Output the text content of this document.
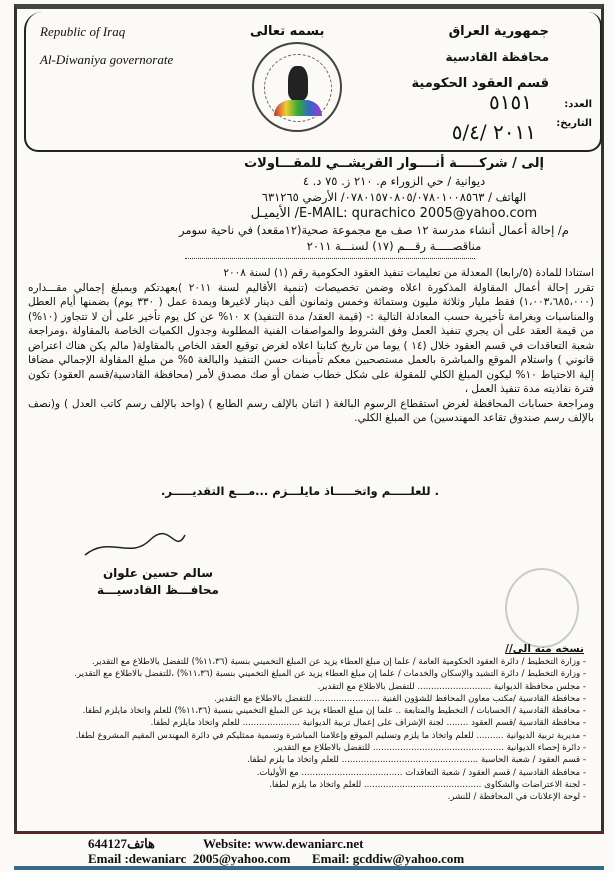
Republic of Iraq
Al-Diwaniya governorate
بسمه تعالى	جمهورية العراق
محافظة القادسية
قسم العقود الحكومية
العدد:
٥١٥١
التاريخ:
٢٠١١ /٥/٤
إلى / شركـــــة أنــــوار القريشــي للمقـــاولات
ديوانية / حي الزوراء م. ٢١٠ ز. ٧٥ د. ٤
الهاتف / ٠٧٨٠١٥٧٠٨٠٥/٠٧٨٠١٠٠٨٥٦٣/ الأرضي ٦٣١٢٦٥
E-MAIL: qurachico 2005@yahoo.com/ الأيميـل
م/ إحالة أعمال أنشاء مدرسة ١٢ صف مع مجموعة صحية(١٢مقعد) في ناحية سومر
مناقصـــــة رقـــم (١٧) لسنـــة ٢٠١١

استنادا للمادة (٥/رابعا) المعدلة من تعليمات تنفيذ العقود الحكومية رقم (١) لسنة ٢٠٠٨

تقرر إحالة أعمال المقاولة المذكورة اعلاه وضمن تخصيصات (تنمية الأقاليم لسنة ٢٠١١ )بعهدتكم وبمبلغ إجمالي مقـــداره (١،٠٠٣،٦٨٥،٠٠٠) فقط مليار وثلاثة مليون وستمائة وخمس وثمانون ألف دينار لاغيرها وبمدة عمل ( ٣٣٠ يوم) بضمنها أيام العطل والمناسبات وبغرامة تأخيرية حسب المعادلة التالية :- (قيمة العقد/ مدة التنفيذ) x ١٠% عن كل يوم تأخير على أن لا تتجاوز (١٠%) من قيمة العقد على أن يجري تنفيذ العمل وفق الشروط والمواصفات الفنية المطلوبة وجدول الكميات الخاصة بالمقاولة ،ومراجعة شعبة التعاقدات في قسم العقود خلال (١٤ ) يوما من تاريخ كتابنا اعلاه لغرض توقيع العقد الخاص بالمقاولة( مالم يكن هناك اعتراض قانوني ) واستلام الموقع والمباشرة بالعمل مستصحبين معكم تأمينات حسن التنفيذ والبالغة ٥% من مبلغ المقاولة الإجمالي مضافا إلية الاحتياط ١٠% ليكون المبلغ الكلي للمقولة على شكل خطاب ضمان أو صك مصدق لأمر (محافظة القادسية/قسم العقود) تكون فترة نفاذيته مدة تنفيذ العمل ،

ومراجعة حسابات المحافظة لغرض استقطاع الرسوم البالغة ( اثنان بالإلف رسم الطابع ) (واحد بالإلف رسم كاتب العدل ) و(نصف بالإلف رسم صندوق تقاعد المهندسين) من المبلغ الكلي.

. للعلـــــم واتخـــــاذ مايلـــزم ...مـــع التقديـــــر.
سالم حسين علوان
محافـــظ القادسيـــة
نسخه منه الى//
- وزارة التخطيط / دائرة العقود الحكومية العامة / علما إن مبلغ العطاء يزيد عن المبلغ التخميني بنسبة (١١،٣٦%) للتفضل بالاطلاع مع التقدير.
- وزارة التخطيط / دائرة التشيد والإسكان والخدمات / علما إن مبلغ العطاء يزيد عن المبلغ التخميني بنسبة (١١،٣٦%) ،للتفضل بالاطلاع مع التقدير.
- مجلس محافظة الديوانية ........................... للتفضل بالاطلاع مع التقدير.
- محافظة القادسية /مكتب معاون المحافظ للشؤون الفنية ........................ للتفضل بالاطلاع مع التقدير.
- محافظة القادسية / الحسابات / التخطيط والمتابعة .. علما إن مبلغ العطاء يزيد عن المبلغ التخميني بنسبة (١١،٣٦%) للعلم واتخاذ مايلزم لطفا.
- محافظة القادسية /قسم العقود ........ لجنة الإشراف على إعمال تربية الديوانية ..................... للعلم واتخاذ مايلزم لطفا.
- مديرية تربية الديوانية .......... للعلم واتخاذ ما يلزم وتسليم الموقع وإعلامنا المباشرة وتسمية ممثليكم في دائرة المهندس المقيم المشروع لطفا.
- دائرة إحصاء الديوانية ................................................ للتفضل بالاطلاع مع التقدير.
- قسم العقود / شعبة الحاسبة .................................................. للعلم واتخاذ ما يلزم لطفا.
- محافظة القادسية / قسم العقود / شعبة التعاقدات ..................................... مع الأوليات.
- لجنة الاعتراضات والشكاوى ........................................... للعلم واتخاذ ما يلزم لطفا.
- لوحة الإعلانات في المحافظة / للنشر.
644127هاتف	Website: www.dewaniarc.net
Email :dewaniarc  2005@yahoo.com Email: gcddiw@yahoo.com
